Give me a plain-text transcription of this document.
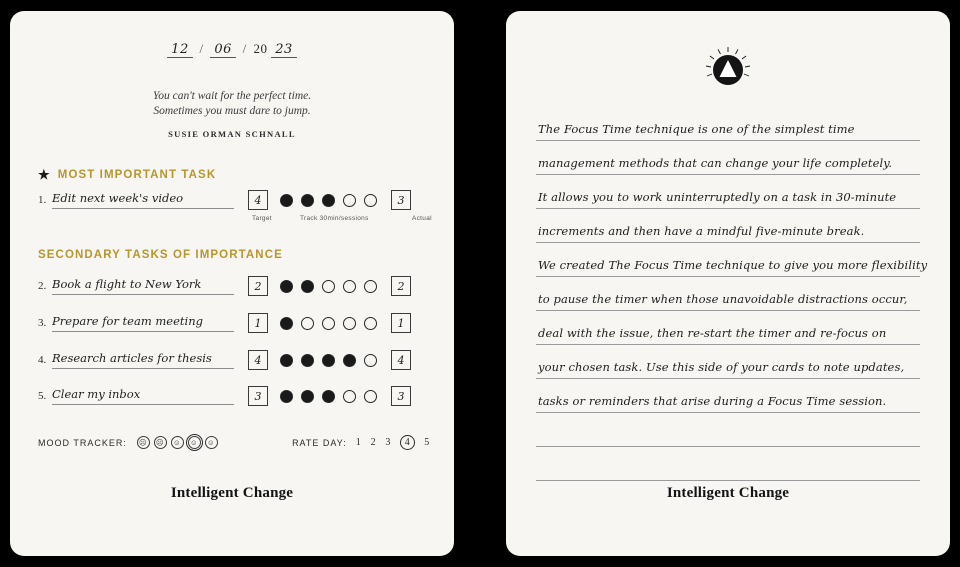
12 / 06 / 20 23
You can't wait for the perfect time.
Sometimes you must dare to jump.
SUSIE ORMAN SCHNALL
★ MOST IMPORTANT TASK
1. Edit next week's video	4	3
Target	Track 30min/sessions	Actual
SECONDARY TASKS OF IMPORTANCE
2. Book a flight to New York	2	2
3. Prepare for team meeting	1	1
4. Research articles for thesis	4	4
5. Clear my inbox	3	3
MOOD TRACKER: ☹ ☹ ☺ ☺ ☺	RATE DAY: 1 2 3	4	5
Intelligent Change
The Focus Time technique is one of the simplest time
management methods that can change your life completely.
It allows you to work uninterruptedly on a task in 30-minute
increments and then have a mindful five-minute break.
We created The Focus Time technique to give you more flexibility
to pause the timer when those unavoidable distractions occur,
deal with the issue, then re-start the timer and re-focus on
your chosen task. Use this side of your cards to note updates,
tasks or reminders that arise during a Focus Time session.
Intelligent Change
